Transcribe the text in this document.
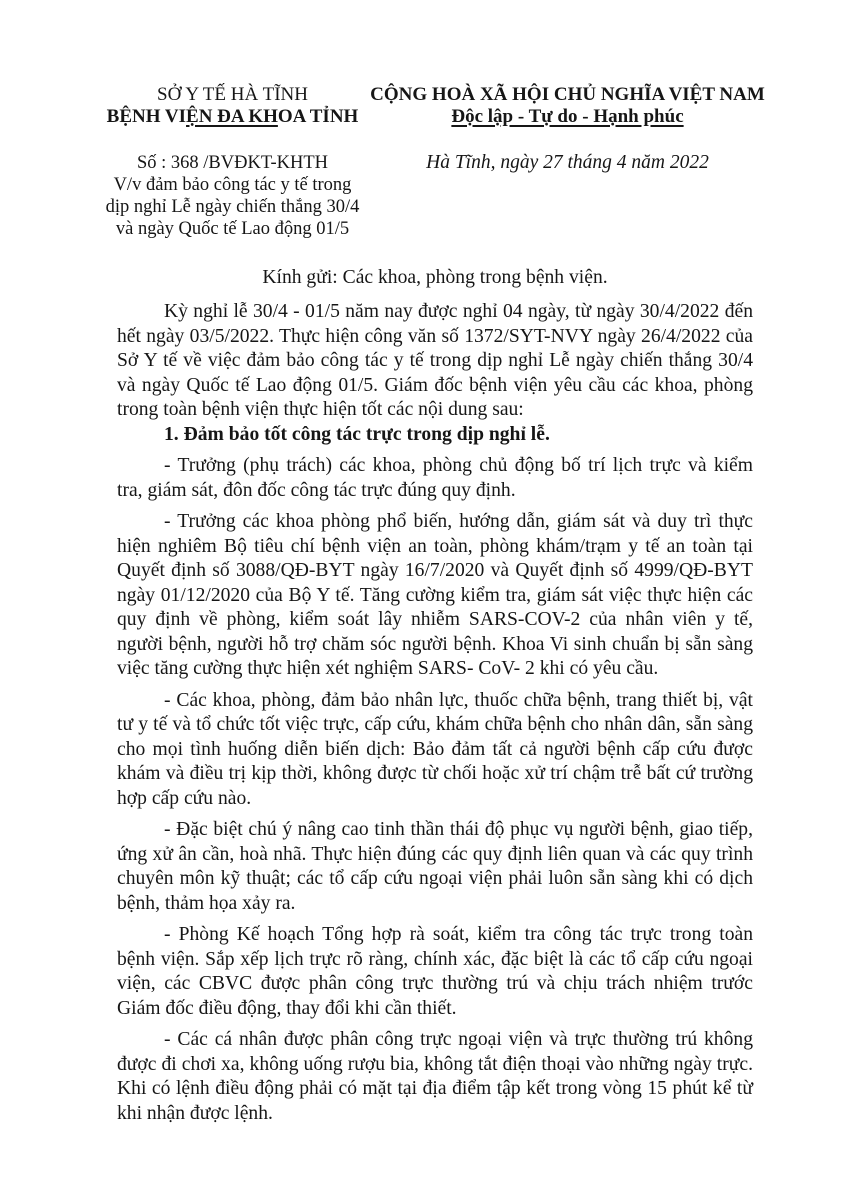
SỞ Y TẾ HÀ TĨNH
BỆNH VIỆN ĐA KHOA TỈNH
Số : 368 /BVĐKT-KHTH
V/v đảm bảo công tác y tế trong
dịp nghỉ Lễ ngày chiến thắng 30/4
và ngày Quốc tế Lao động 01/5
CỘNG HOÀ XÃ HỘI CHỦ NGHĨA VIỆT NAM
Độc lập - Tự do - Hạnh phúc
Hà Tĩnh, ngày 27 tháng 4 năm 2022
Kính gửi: Các khoa, phòng trong bệnh viện.
Kỳ nghỉ lễ 30/4 - 01/5 năm nay được nghỉ 04 ngày, từ ngày 30/4/2022 đến
hết ngày 03/5/2022. Thực hiện công văn số 1372/SYT-NVY ngày 26/4/2022 của
Sở Y tế về việc đảm bảo công tác y tế trong dịp nghỉ Lễ ngày chiến thắng 30/4
và ngày Quốc tế Lao động 01/5. Giám đốc bệnh viện yêu cầu các khoa, phòng
trong toàn bệnh viện thực hiện tốt các nội dung sau:
1. Đảm bảo tốt công tác trực trong dịp nghỉ lễ.
- Trưởng (phụ trách) các khoa, phòng chủ động bố trí lịch trực và kiểm
tra, giám sát, đôn đốc công tác trực đúng quy định.
- Trưởng các khoa phòng phổ biến, hướng dẫn, giám sát và duy trì thực
hiện nghiêm Bộ tiêu chí bệnh viện an toàn, phòng khám/trạm y tế an toàn tại
Quyết định số 3088/QĐ-BYT ngày 16/7/2020 và Quyết định số 4999/QĐ-BYT
ngày 01/12/2020 của Bộ Y tế. Tăng cường kiểm tra, giám sát việc thực hiện các
quy định về phòng, kiểm soát lây nhiễm SARS-COV-2 của nhân viên y tế,
người bệnh, người hỗ trợ chăm sóc người bệnh. Khoa Vi sinh chuẩn bị sẵn sàng
việc tăng cường thực hiện xét nghiệm SARS- CoV- 2 khi có yêu cầu.
- Các khoa, phòng, đảm bảo nhân lực, thuốc chữa bệnh, trang thiết bị, vật
tư y tế và tổ chức tốt việc trực, cấp cứu, khám chữa bệnh cho nhân dân, sẵn sàng
cho mọi tình huống diễn biến dịch: Bảo đảm tất cả người bệnh cấp cứu được
khám và điều trị kịp thời, không được từ chối hoặc xử trí chậm trễ bất cứ trường
hợp cấp cứu nào.
- Đặc biệt chú ý nâng cao tinh thần thái độ phục vụ người bệnh, giao tiếp,
ứng xử ân cần, hoà nhã. Thực hiện đúng các quy định liên quan và các quy trình
chuyên môn kỹ thuật; các tổ cấp cứu ngoại viện phải luôn sẵn sàng khi có dịch
bệnh, thảm họa xảy ra.
- Phòng Kế hoạch Tổng hợp rà soát, kiểm tra công tác trực trong toàn
bệnh viện. Sắp xếp lịch trực rõ ràng, chính xác, đặc biệt là các tổ cấp cứu ngoại
viện, các CBVC được phân công trực thường trú và chịu trách nhiệm trước
Giám đốc điều động, thay đổi khi cần thiết.
- Các cá nhân được phân công trực ngoại viện và trực thường trú không
được đi chơi xa, không uống rượu bia, không tắt điện thoại vào những ngày trực.
Khi có lệnh điều động phải có mặt tại địa điểm tập kết trong vòng 15 phút kể từ
khi nhận được lệnh.
